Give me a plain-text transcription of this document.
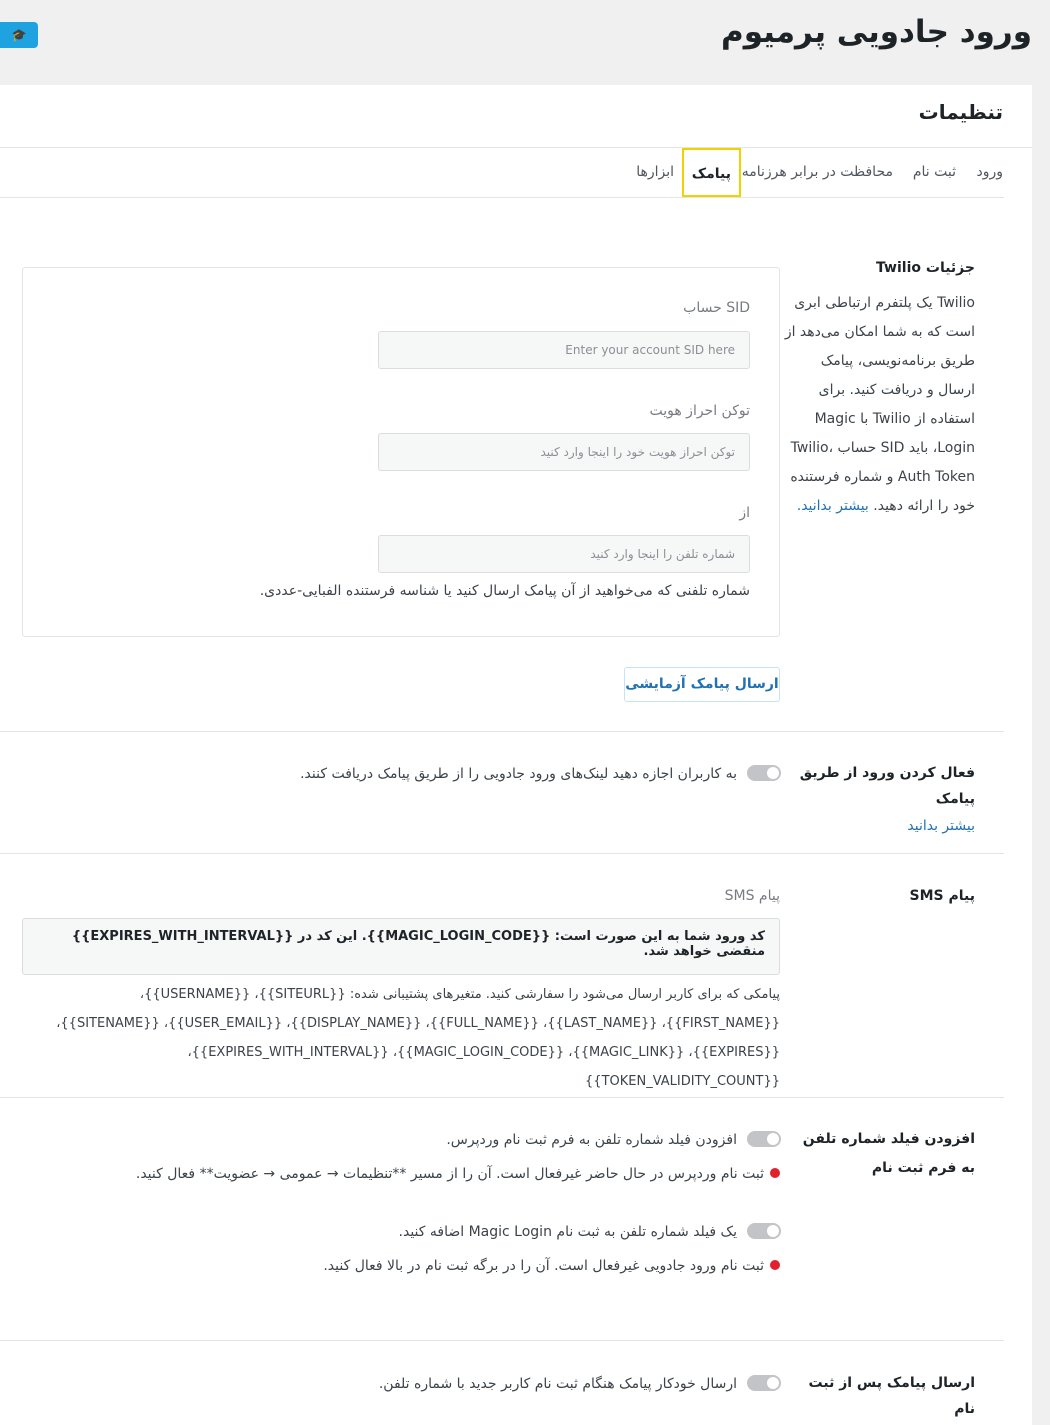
ورود جادویی پرمیوم
🎓
تنظیمات
ورود
ثبت نام
محافظت در برابر هرزنامه
پیامک
ابزارها
جزئیات Twilio
Twilio یک پلتفرم ارتباطی ابری است که به شما امکان می‌دهد از طریق برنامه‌نویسی، پیامک ارسال و دریافت کنید. برای استفاده از Twilio با Magic Login، باید SID حساب Twilio، Auth Token و شماره فرستنده خود را ارائه دهید. بیشتر بدانید.
SID حساب
Enter your account SID here
توکن احراز هویت
توکن احراز هویت خود را اینجا وارد کنید
از
شماره تلفن را اینجا وارد کنید
شماره تلفنی که می‌خواهید از آن پیامک ارسال کنید یا شناسه فرستنده الفبایی-عددی.
ارسال پیامک آزمایشی
فعال کردن ورود از طریق پیامک
به کاربران اجازه دهید لینک‌های ورود جادویی را از طریق پیامک دریافت کنند.
بیشتر بدانید
پیام SMS
پیام SMS
کد ورود شما به این صورت است: {{MAGIC_LOGIN_CODE}}. این کد در {{EXPIRES_WITH_INTERVAL}} منقضی خواهد شد.
پیامکی که برای کاربر ارسال می‌شود را سفارشی کنید. متغیرهای پشتیبانی شده: {{SITEURL}}، {{USERNAME}}، {{FIRST_NAME}}، {{LAST_NAME}}، {{FULL_NAME}}، {{DISPLAY_NAME}}، {{USER_EMAIL}}، {{SITENAME}}، {{EXPIRES}}، {{MAGIC_LINK}}، {{MAGIC_LOGIN_CODE}}، {{EXPIRES_WITH_INTERVAL}}، {{TOKEN_VALIDITY_COUNT}}
افزودن فیلد شماره تلفن به فرم ثبت نام
افزودن فیلد شماره تلفن به فرم ثبت نام وردپرس.
ثبت نام وردپرس در حال حاضر غیرفعال است. آن را از مسیر **تنظیمات → عمومی → عضویت** فعال کنید.
یک فیلد شماره تلفن به ثبت نام Magic Login اضافه کنید.
ثبت نام ورود جادویی غیرفعال است. آن را در برگه ثبت نام در بالا فعال کنید.
ارسال پیامک پس از ثبت نام
ارسال خودکار پیامک هنگام ثبت نام کاربر جدید با شماره تلفن.
